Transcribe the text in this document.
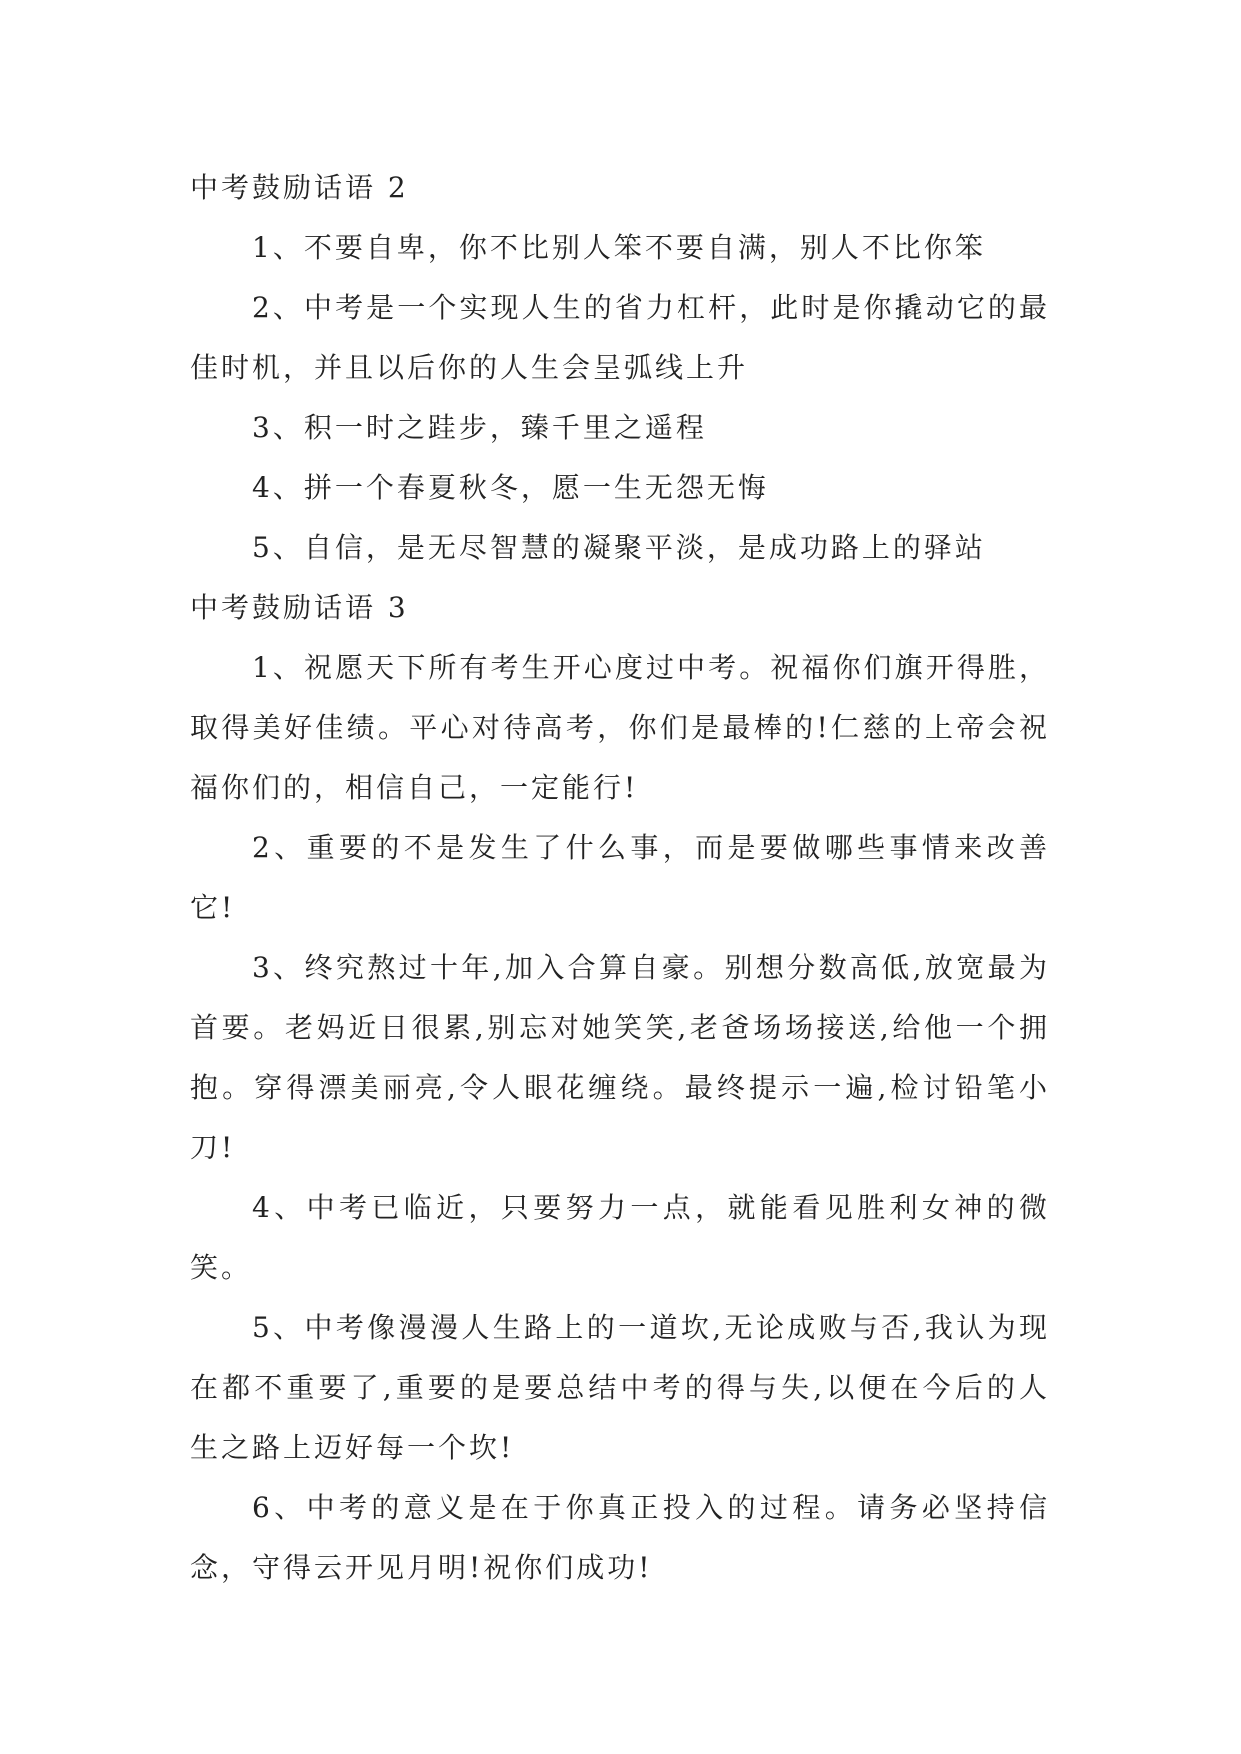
中考鼓励话语 2

1、不要自卑，你不比别人笨不要自满，别人不比你笨

2、中考是一个实现人生的省力杠杆，此时是你撬动它的最佳时机，并且以后你的人生会呈弧线上升

3、积一时之跬步，臻千里之遥程

4、拼一个春夏秋冬，愿一生无怨无悔

5、自信，是无尽智慧的凝聚平淡，是成功路上的驿站

中考鼓励话语 3

1、祝愿天下所有考生开心度过中考。祝福你们旗开得胜，取得美好佳绩。平心对待高考，你们是最棒的!仁慈的上帝会祝福你们的，相信自己，一定能行!

2、重要的不是发生了什么事，而是要做哪些事情来改善它!

3、终究熬过十年,加入合算自豪。别想分数高低,放宽最为首要。老妈近日很累,别忘对她笑笑,老爸场场接送,给他一个拥抱。穿得漂美丽亮,令人眼花缠绕。最终提示一遍,检讨铅笔小刀!

4、中考已临近，只要努力一点，就能看见胜利女神的微笑。

5、中考像漫漫人生路上的一道坎,无论成败与否,我认为现在都不重要了,重要的是要总结中考的得与失,以便在今后的人生之路上迈好每一个坎!

6、中考的意义是在于你真正投入的过程。请务必坚持信念，守得云开见月明!祝你们成功!
